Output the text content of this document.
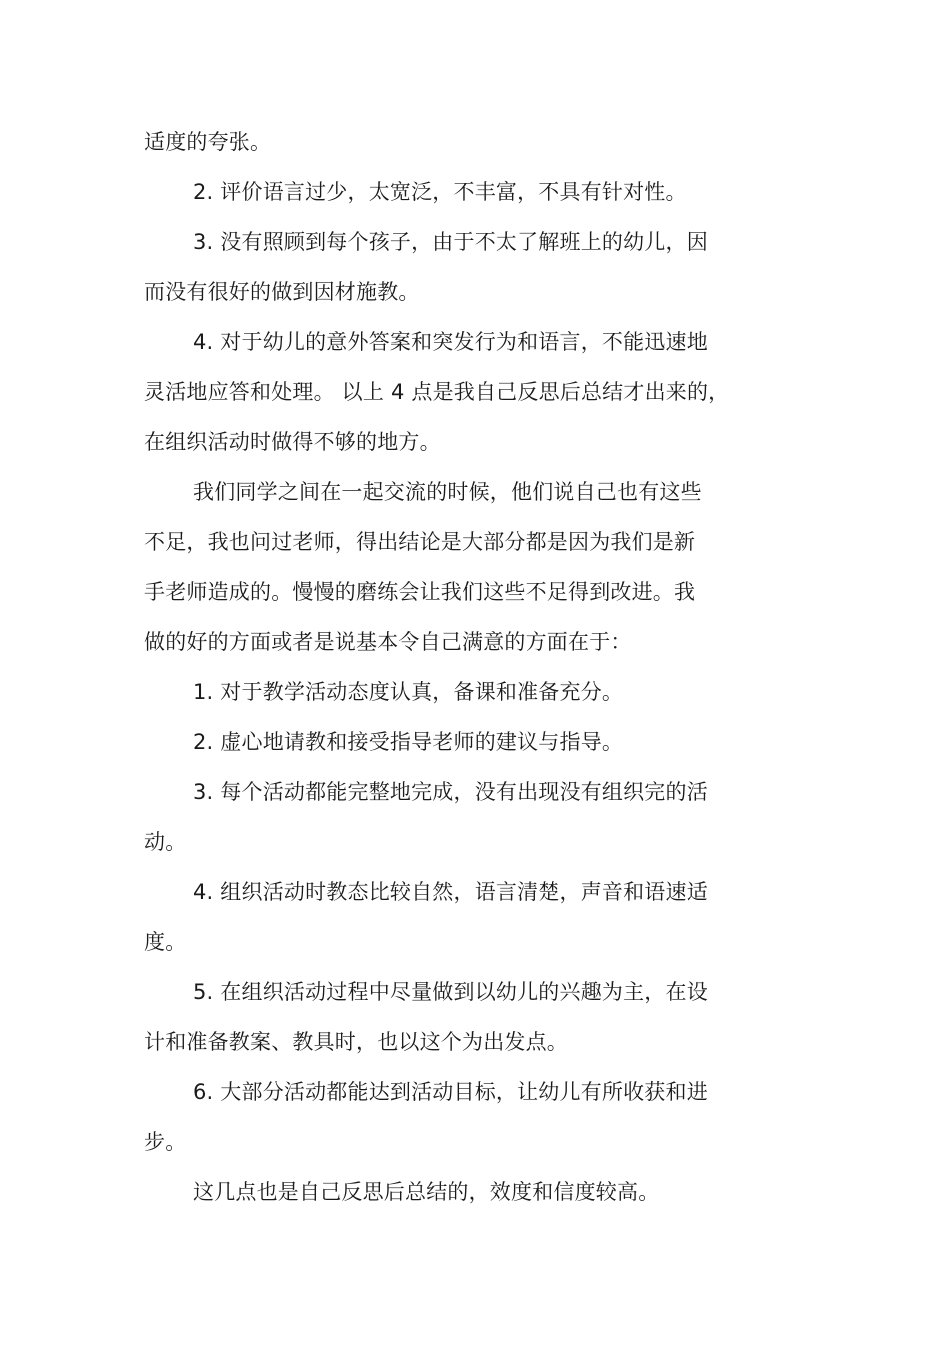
适度的夸张。
2. 评价语言过少，太宽泛，不丰富，不具有针对性。
3. 没有照顾到每个孩子，由于不太了解班上的幼儿，因
而没有很好的做到因材施教。
4. 对于幼儿的意外答案和突发行为和语言，不能迅速地
灵活地应答和处理。 以上 4 点是我自己反思后总结才出来的，
在组织活动时做得不够的地方。
我们同学之间在一起交流的时候，他们说自己也有这些
不足，我也问过老师，得出结论是大部分都是因为我们是新
手老师造成的。慢慢的磨练会让我们这些不足得到改进。我
做的好的方面或者是说基本令自己满意的方面在于：
1. 对于教学活动态度认真，备课和准备充分。
2. 虚心地请教和接受指导老师的建议与指导。
3. 每个活动都能完整地完成，没有出现没有组织完的活
动。
4. 组织活动时教态比较自然，语言清楚，声音和语速适
度。
5. 在组织活动过程中尽量做到以幼儿的兴趣为主，在设
计和准备教案、教具时，也以这个为出发点。
6. 大部分活动都能达到活动目标，让幼儿有所收获和进
步。
这几点也是自己反思后总结的，效度和信度较高。
